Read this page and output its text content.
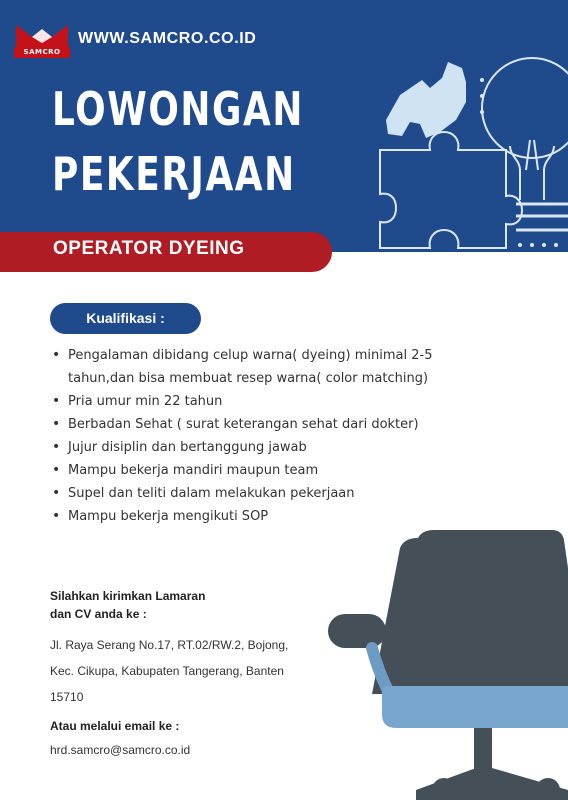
SAMCRO
WWW.SAMCRO.CO.ID
LOWONGAN
PEKERJAAN
OPERATOR DYEING
Kualifikasi :
• Pengalaman dibidang celup warna( dyeing) minimal 2-5 tahun,dan bisa membuat resep warna( color matching)
• Pria umur min 22 tahun
• Berbadan Sehat ( surat keterangan sehat dari dokter)
• Jujur disiplin dan bertanggung jawab
• Mampu bekerja mandiri maupun team
• Supel dan teliti dalam melakukan pekerjaan
• Mampu bekerja mengikuti SOP
Silahkan kirimkan Lamaran
dan CV anda ke :
Jl. Raya Serang No.17, RT.02/RW.2, Bojong,
Kec. Cikupa, Kabupaten Tangerang, Banten
15710
Atau melalui email ke :
hrd.samcro@samcro.co.id
